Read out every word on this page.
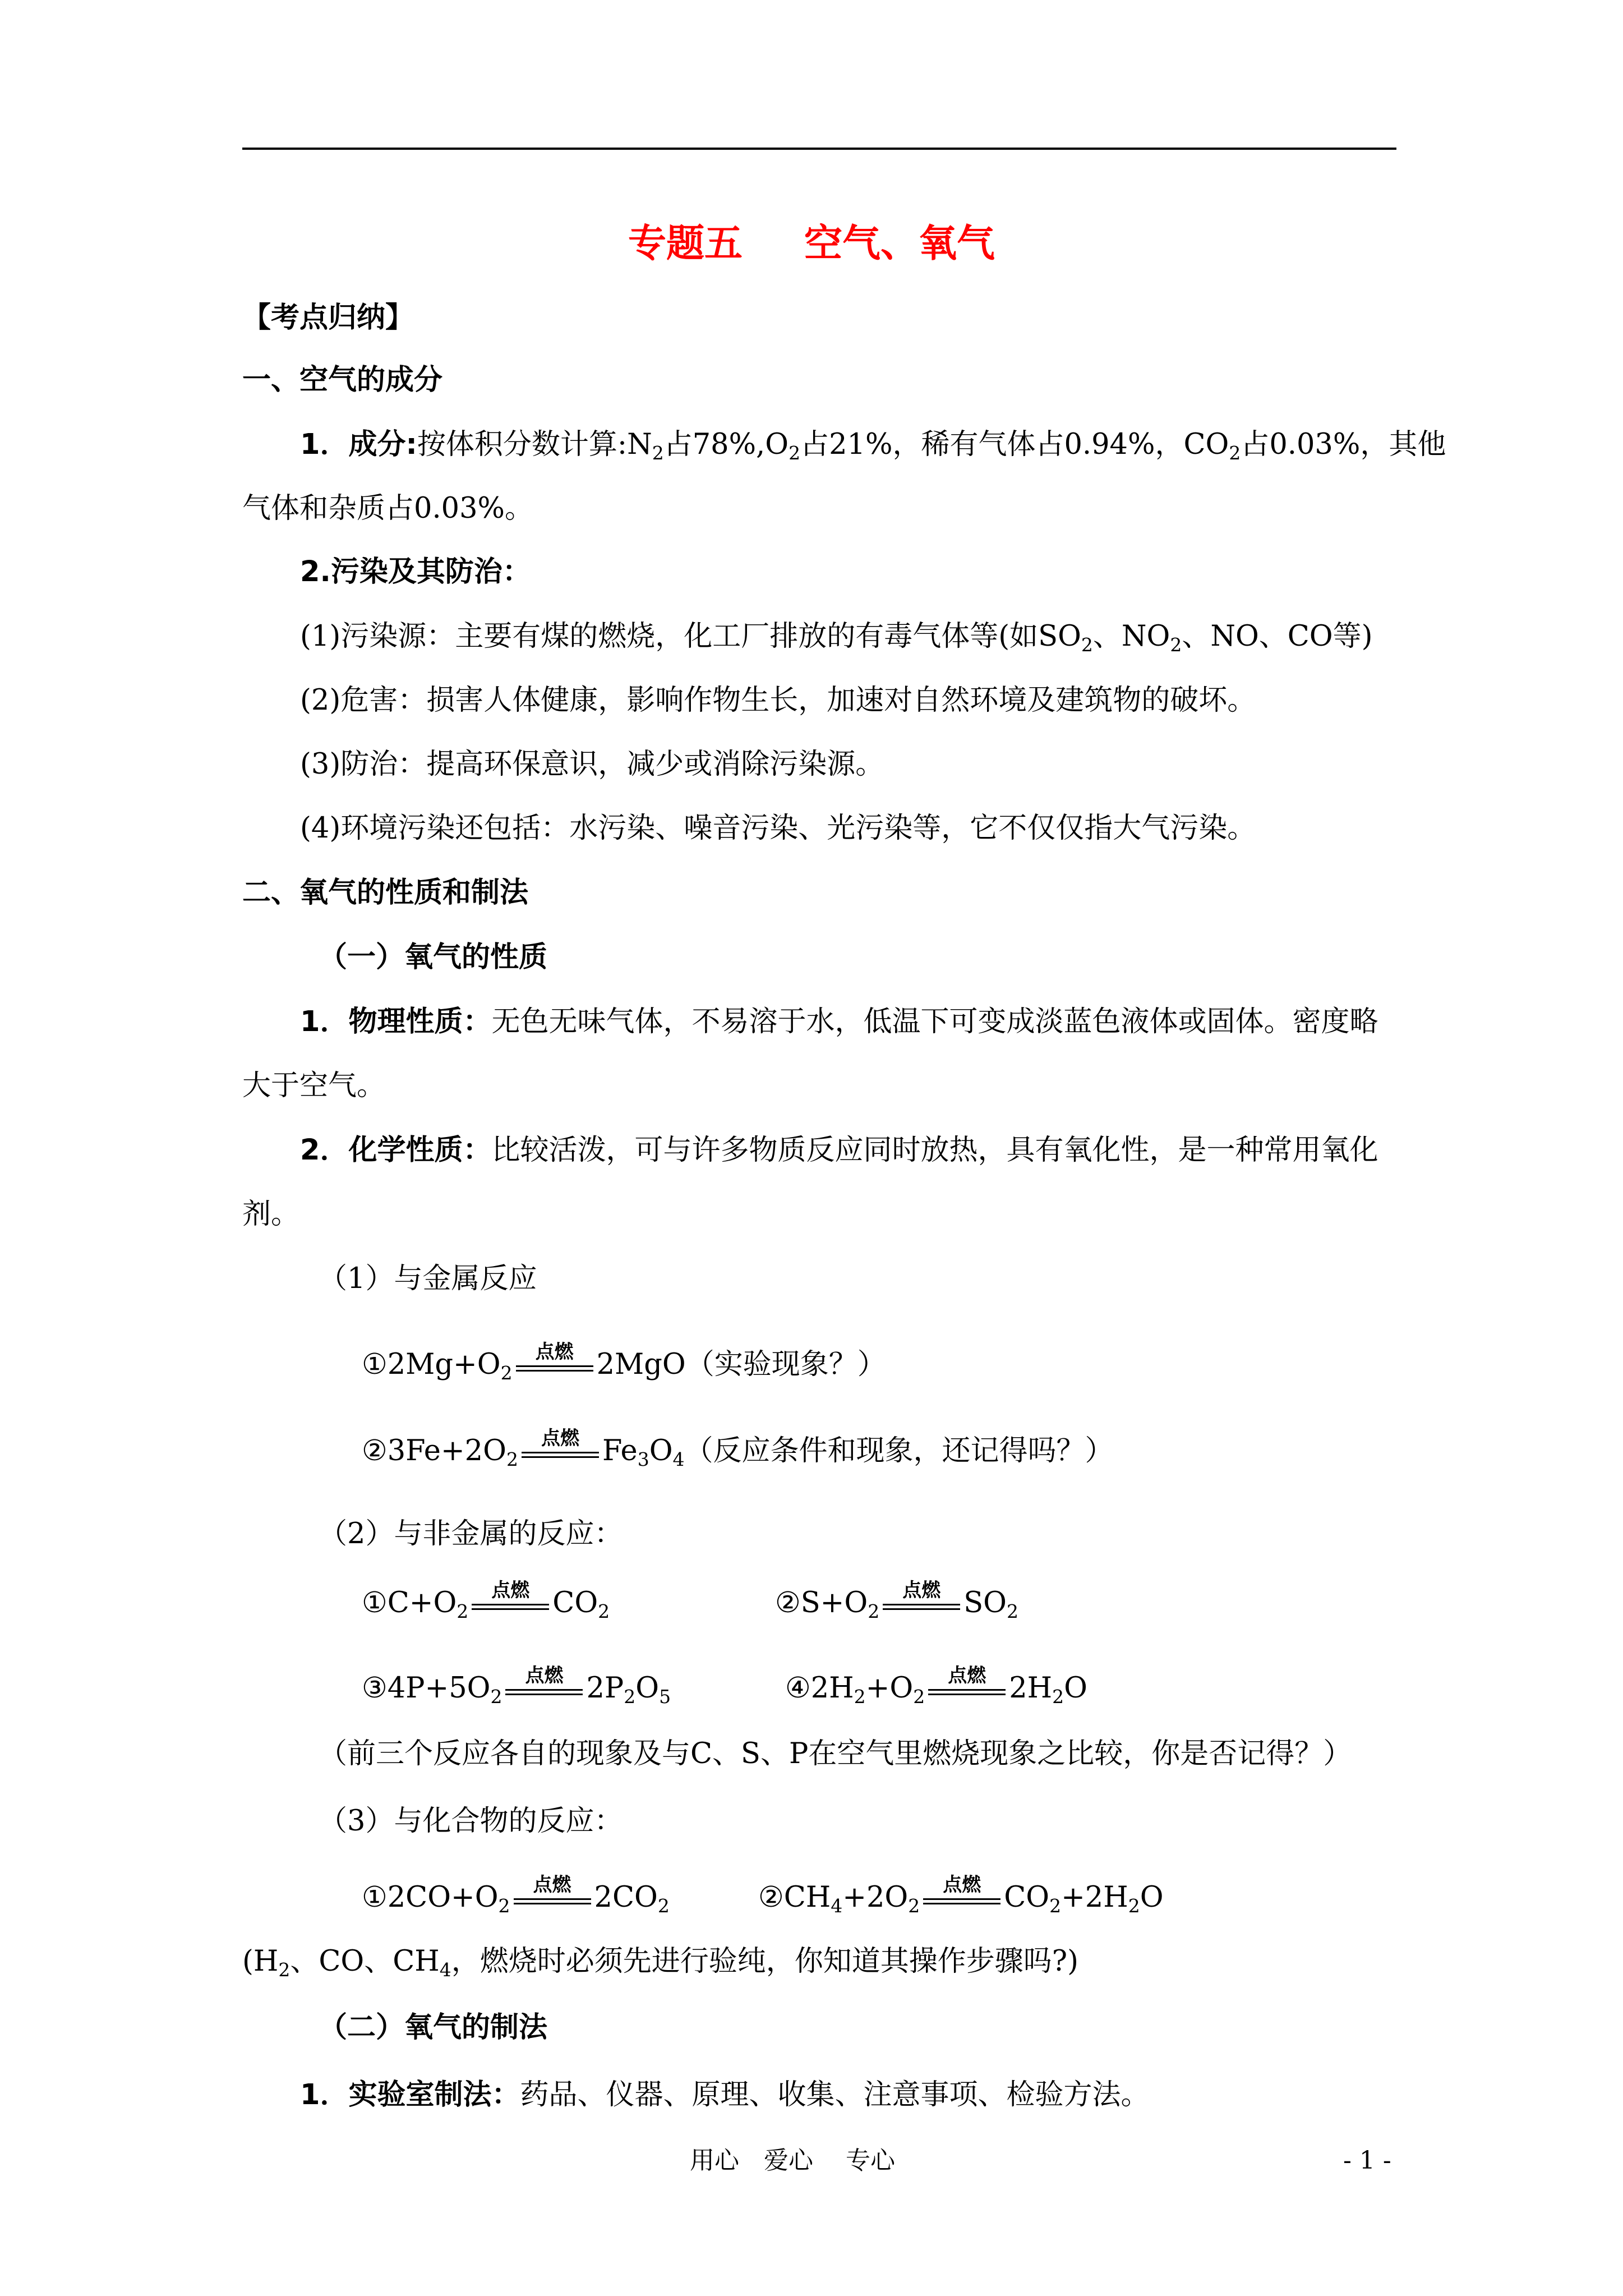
专题五 空气、氧气
【考点归纳】
一、空气的成分
1．成分:按体积分数计算$:N_2$占$78\%,O_2$占21%，稀有气体占0.94%，$CO_2$占0.03%，其他
气体和杂质占0.03%。
2.污染及其防治：
(1)污染源：主要有煤的燃烧，化工厂排放的有毒气体等(如$SO_2$、$NO_2$、NO、CO等)
(2)危害：损害人体健康，影响作物生长，加速对自然环境及建筑物的破坏。
(3)防治：提高环保意识，减少或消除污染源。
(4)环境污染还包括：水污染、噪音污染、光污染等，它不仅仅指大气污染。
二、氧气的性质和制法
（一）氧气的性质
1．物理性质：无色无味气体，不易溶于水，低温下可变成淡蓝色液体或固体。密度略
大于空气。
2．化学性质：比较活泼，可与许多物质反应同时放热，具有氧化性，是一种常用氧化
剂。
（1）与金属反应
$①2Mg+O_2$
点燃 2MgO（实验现象？）
$②3Fe+2O_2$
点燃 $Fe_3O_4$（反应条件和现象，还记得吗？）
（2）与非金属的反应：
$①C+O_2$
点燃 $CO_2$	$②S+O_2$
点燃 $SO_2$
$③4P+5O_2$
点燃 $2P_2O_5$	$④2H_2+O_2$
点燃 $2H_2O$
（前三个反应各自的现象及与C、S、P在空气里燃烧现象之比较，你是否记得？）
（3）与化合物的反应：
$①2CO+O_2$
点燃 $2CO_2$	$②CH_4+2O_2$
点燃 $CO_2+2H_2O$
($H_2$、CO、$CH_4$，燃烧时必须先进行验纯，你知道其操作步骤吗?)
（二）氧气的制法
1．实验室制法：药品、仪器、原理、收集、注意事项、检验方法。
用心　爱心　 专心	- 1 -
